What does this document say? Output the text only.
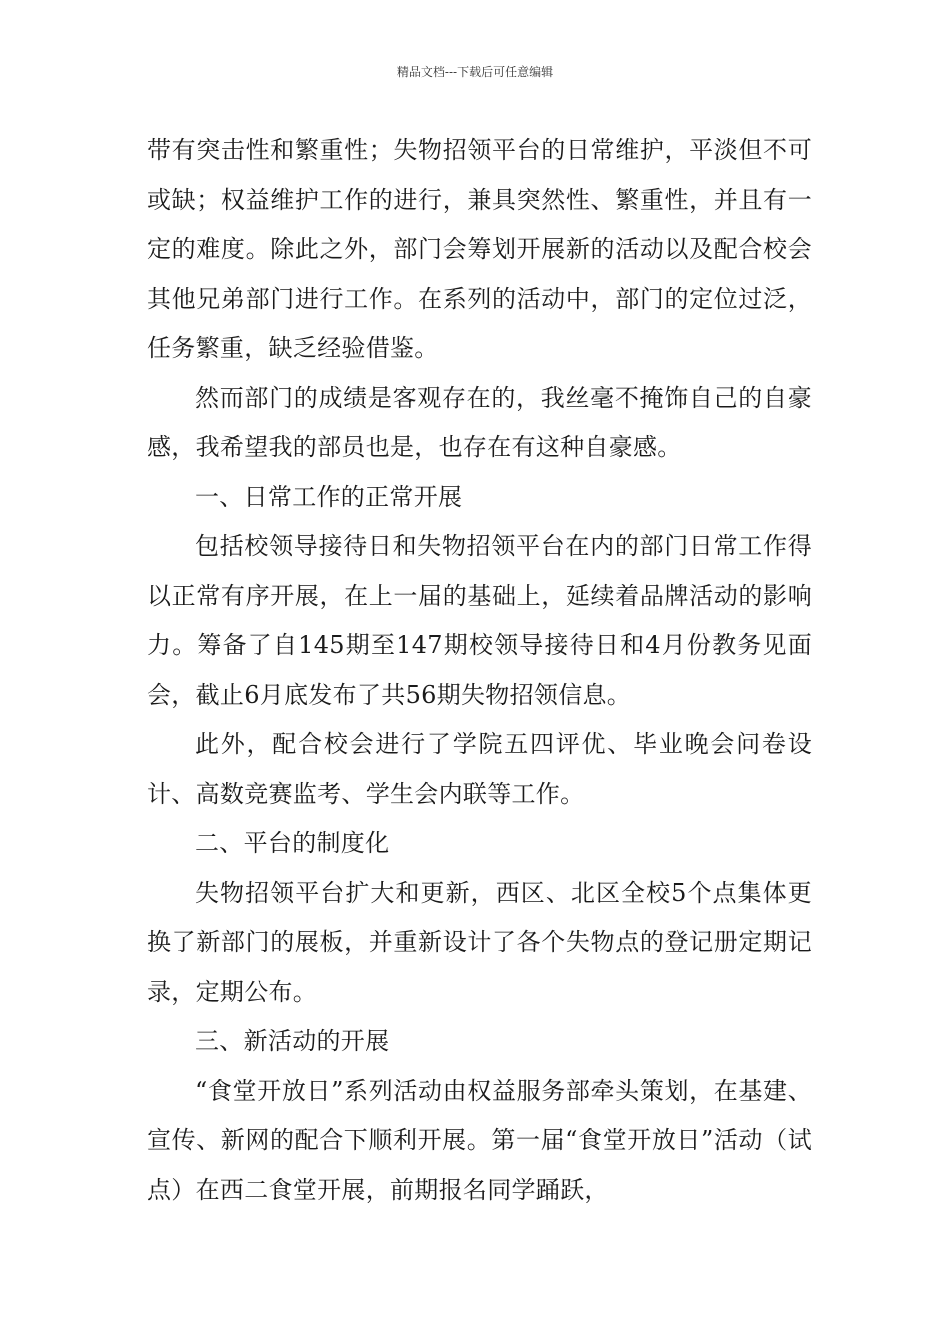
精品文档---下载后可任意编辑

带有突击性和繁重性；失物招领平台的日常维护，平淡但不可或缺；权益维护工作的进行，兼具突然性、繁重性，并且有一定的难度。除此之外，部门会筹划开展新的活动以及配合校会其他兄弟部门进行工作。在系列的活动中，部门的定位过泛，任务繁重，缺乏经验借鉴。

然而部门的成绩是客观存在的，我丝毫不掩饰自己的自豪感，我希望我的部员也是，也存在有这种自豪感。

一、日常工作的正常开展

包括校领导接待日和失物招领平台在内的部门日常工作得以正常有序开展，在上一届的基础上，延续着品牌活动的影响力。筹备了自145期至147期校领导接待日和4月份教务见面会，截止6月底发布了共56期失物招领信息。

此外，配合校会进行了学院五四评优、毕业晚会问卷设计、高数竞赛监考、学生会内联等工作。

二、平台的制度化

失物招领平台扩大和更新，西区、北区全校5个点集体更换了新部门的展板，并重新设计了各个失物点的登记册定期记录，定期公布。

三、新活动的开展

“食堂开放日”系列活动由权益服务部牵头策划，在基建、宣传、新网的配合下顺利开展。第一届“食堂开放日”活动（试点）在西二食堂开展，前期报名同学踊跃，
